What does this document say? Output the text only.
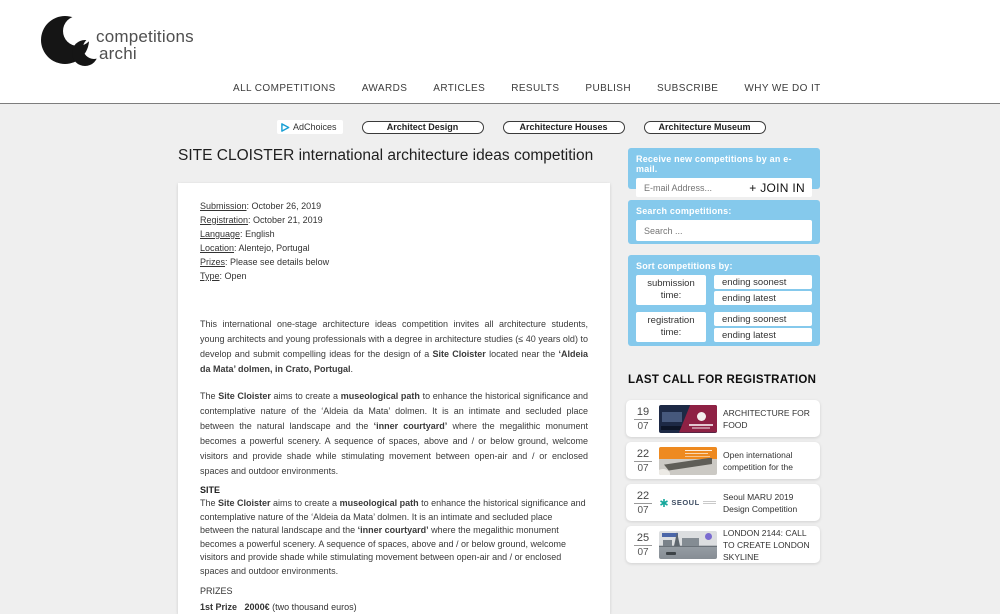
competitions
archi
ALL COMPETITIONS	AWARDS	ARTICLES	RESULTS	PUBLISH	SUBSCRIBE	WHY WE DO IT
AdChoices	Architect Design	Architecture Houses	Architecture Museum
SITE CLOISTER international architecture ideas competition
Submission : October 26, 2019
Registration : October 21, 2019
Language : English
Location : Alentejo, Portugal
Prizes : Please see details below
Type : Open

This international one-stage architecture ideas competition invites all architecture students, young architects and young professionals with a degree in architecture studies (≤ 40 years old) to develop and submit compelling ideas for the design of a Site Cloister located near the ‘Aldeia da Mata’ dolmen, in Crato, Portugal.

The Site Cloister aims to create a museological path to enhance the historical significance and contemplative nature of the ‘Aldeia da Mata’ dolmen. It is an intimate and secluded place between the natural landscape and the ‘inner courtyard’ where the megalithic monument becomes a powerful scenery. A sequence of spaces, above and / or below ground, welcome visitors and provide shade while stimulating movement between open-air and / or enclosed spaces and outdoor environments.

SITE

The Site Cloister aims to create a museological path to enhance the historical significance and contemplative nature of the ‘Aldeia da Mata’ dolmen. It is an intimate and secluded place between the natural landscape and the ‘inner courtyard’ where the megalithic monument becomes a powerful scenery. A sequence of spaces, above and / or below ground, welcome visitors and provide shade while stimulating movement between open-air and / or enclosed spaces and outdoor environments.

PRIZES

1st Prize 2000€ (two thousand euros)

Receive new competitions by an e-mail.
E-mail Address...
+ JOIN IN
Search competitions:
Search ...
Sort competitions by:
submission
time:
ending soonest
ending latest
registration
time:
ending soonest
ending latest
LAST CALL FOR REGISTRATION
19
07
ARCHITECTURE FOR FOOD
22
07
Open international competition for the
22
07
SEOUL
Seoul MARU 2019 Design Competition
25
07
LONDON 2144: CALL TO CREATE LONDON SKYLINE
